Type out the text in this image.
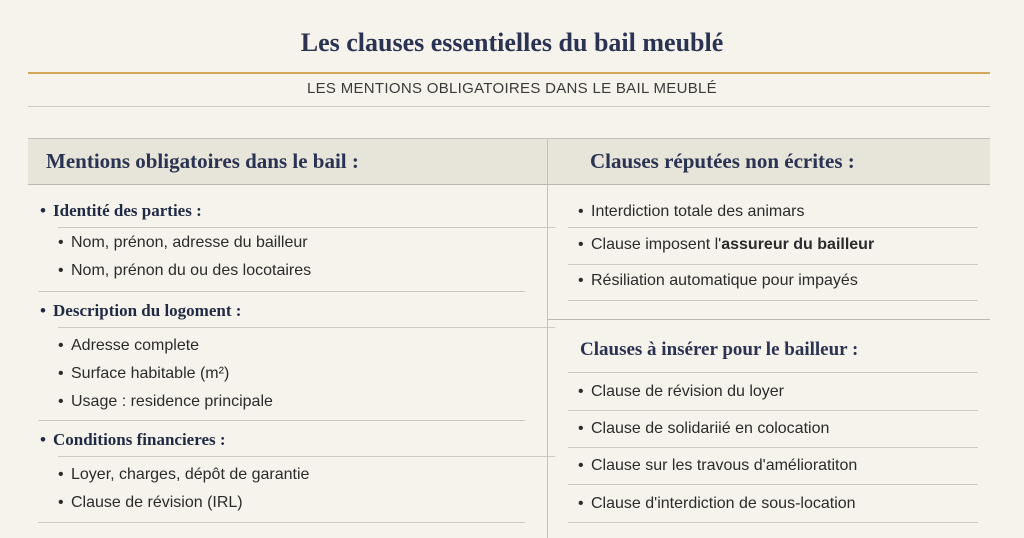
Les clauses essentielles du bail meublé
LES MENTIONS OBLIGATOIRES DANS LE BAIL MEUBLÉ
Mentions obligatoires dans le bail :
• Identité des parties :
• Nom, prénon, adresse du bailleur
• Nom, prénon du ou des locotaires
• Description du logoment :
• Adresse complete
• Surface habitable (m²)
• Usage : residence principale
• Conditions financieres :
• Loyer, charges, dépôt de garantie
• Clause de révision (IRL)
Clauses réputées non écrites :
• Interdiction totale des animars
• Clause imposent l'assureur du bailleur
• Résiliation automatique pour impayés
Clauses à insérer pour le bailleur :
• Clause de révision du loyer
• Clause de solidariié en colocation
• Clause sur les travous d'amélioratiton
• Clause d'interdiction de sous-location
